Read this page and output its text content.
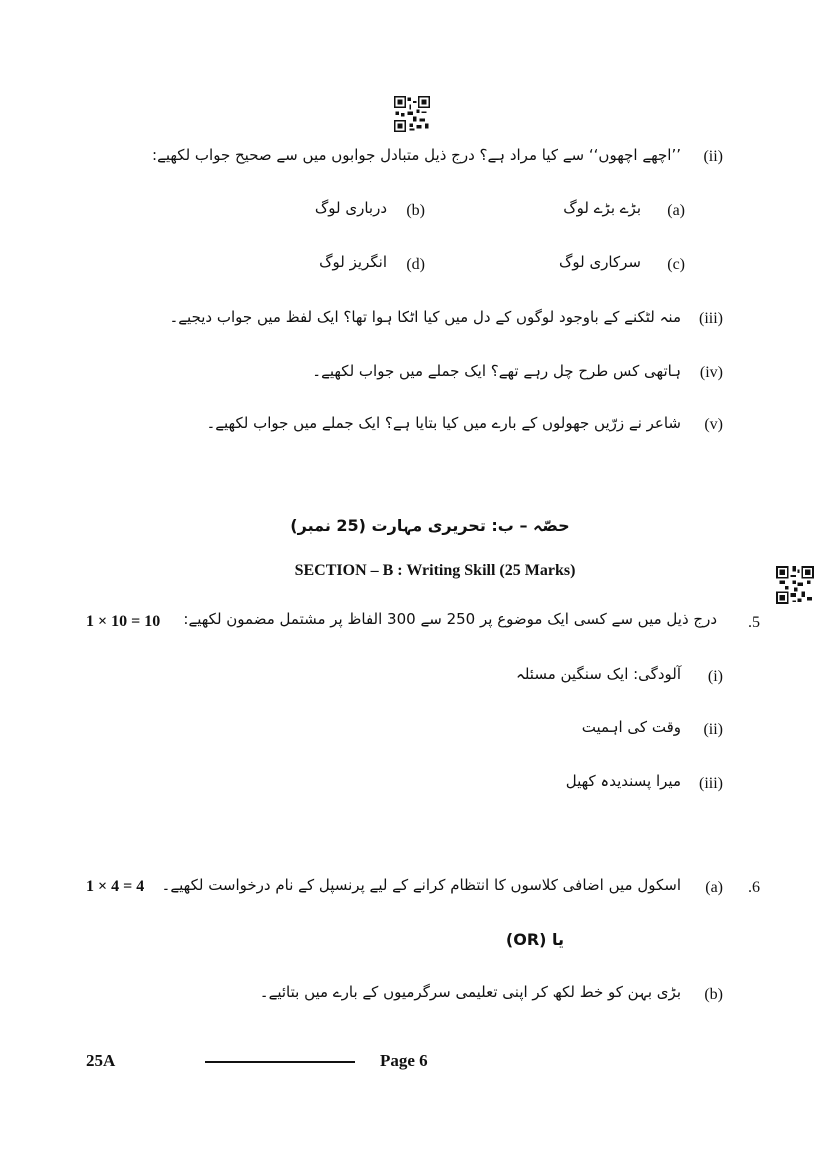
(ii)
’’اچھے اچھوں‘‘ سے کیا مراد ہے؟ درج ذیل متبادل جوابوں میں سے صحیح جواب لکھیے:
(a)
بڑے بڑے لوگ
(b)
درباری لوگ
(c)
سرکاری لوگ
(d)
انگریز لوگ
(iii)
منہ لٹکنے کے باوجود لوگوں کے دل میں کیا اٹکا ہوا تھا؟ ایک لفظ میں جواب دیجیے۔
(iv)
ہاتھی کس طرح چل رہے تھے؟ ایک جملے میں جواب لکھیے۔
(v)
شاعر نے زرّیں جھولوں کے بارے میں کیا بتایا ہے؟ ایک جملے میں جواب لکھیے۔
حصّہ – ب: تحریری مہارت (25 نمبر)
SECTION – B : Writing Skill (25 Marks)
1 × 10 = 10	.5
درج ذیل میں سے کسی ایک موضوع پر 250 سے 300 الفاظ پر مشتمل مضمون لکھیے:
(i)
آلودگی: ایک سنگین مسئلہ
(ii)
وقت کی اہمیت
(iii)
میرا پسندیدہ کھیل
1 × 4 = 4	.6
(a)
اسکول میں اضافی کلاسوں کا انتظام کرانے کے لیے پرنسپل کے نام درخواست لکھیے۔
یا (OR)
(b)
بڑی بہن کو خط لکھ کر اپنی تعلیمی سرگرمیوں کے بارے میں بتائیے۔
25A	Page 6
